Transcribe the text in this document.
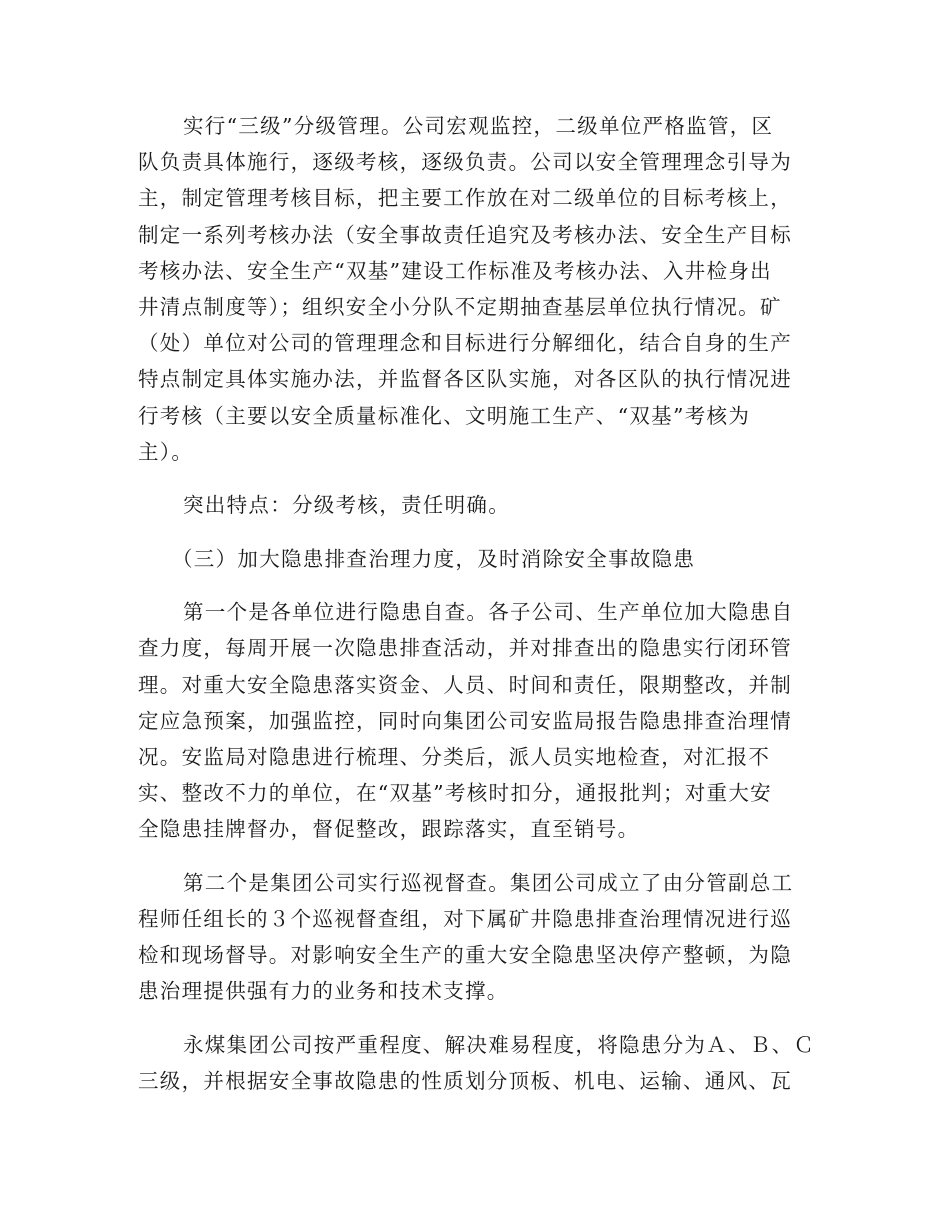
实行“三级”分级管理。公司宏观监控，二级单位严格监管，区
队负责具体施行，逐级考核，逐级负责。公司以安全管理理念引导为
主，制定管理考核目标，把主要工作放在对二级单位的目标考核上，
制定一系列考核办法（安全事故责任追究及考核办法、安全生产目标
考核办法、安全生产“双基”建设工作标准及考核办法、入井检身出
井清点制度等）；组织安全小分队不定期抽查基层单位执行情况。矿
（处）单位对公司的管理理念和目标进行分解细化，结合自身的生产
特点制定具体实施办法，并监督各区队实施，对各区队的执行情况进
行考核（主要以安全质量标准化、文明施工生产、“双基”考核为
主）。
突出特点：分级考核，责任明确。
（三）加大隐患排查治理力度，及时消除安全事故隐患
第一个是各单位进行隐患自查。各子公司、生产单位加大隐患自
查力度，每周开展一次隐患排查活动，并对排查出的隐患实行闭环管
理。对重大安全隐患落实资金、人员、时间和责任，限期整改，并制
定应急预案，加强监控，同时向集团公司安监局报告隐患排查治理情
况。安监局对隐患进行梳理、分类后，派人员实地检查，对汇报不
实、整改不力的单位，在“双基”考核时扣分，通报批判；对重大安
全隐患挂牌督办，督促整改，跟踪落实，直至销号。
第二个是集团公司实行巡视督查。集团公司成立了由分管副总工
程师任组长的３个巡视督查组，对下属矿井隐患排查治理情况进行巡
检和现场督导。对影响安全生产的重大安全隐患坚决停产整顿，为隐
患治理提供强有力的业务和技术支撑。
永煤集团公司按严重程度、解决难易程度，将隐患分为Ａ、Ｂ、Ｃ
三级，并根据安全事故隐患的性质划分顶板、机电、运输、通风、瓦
